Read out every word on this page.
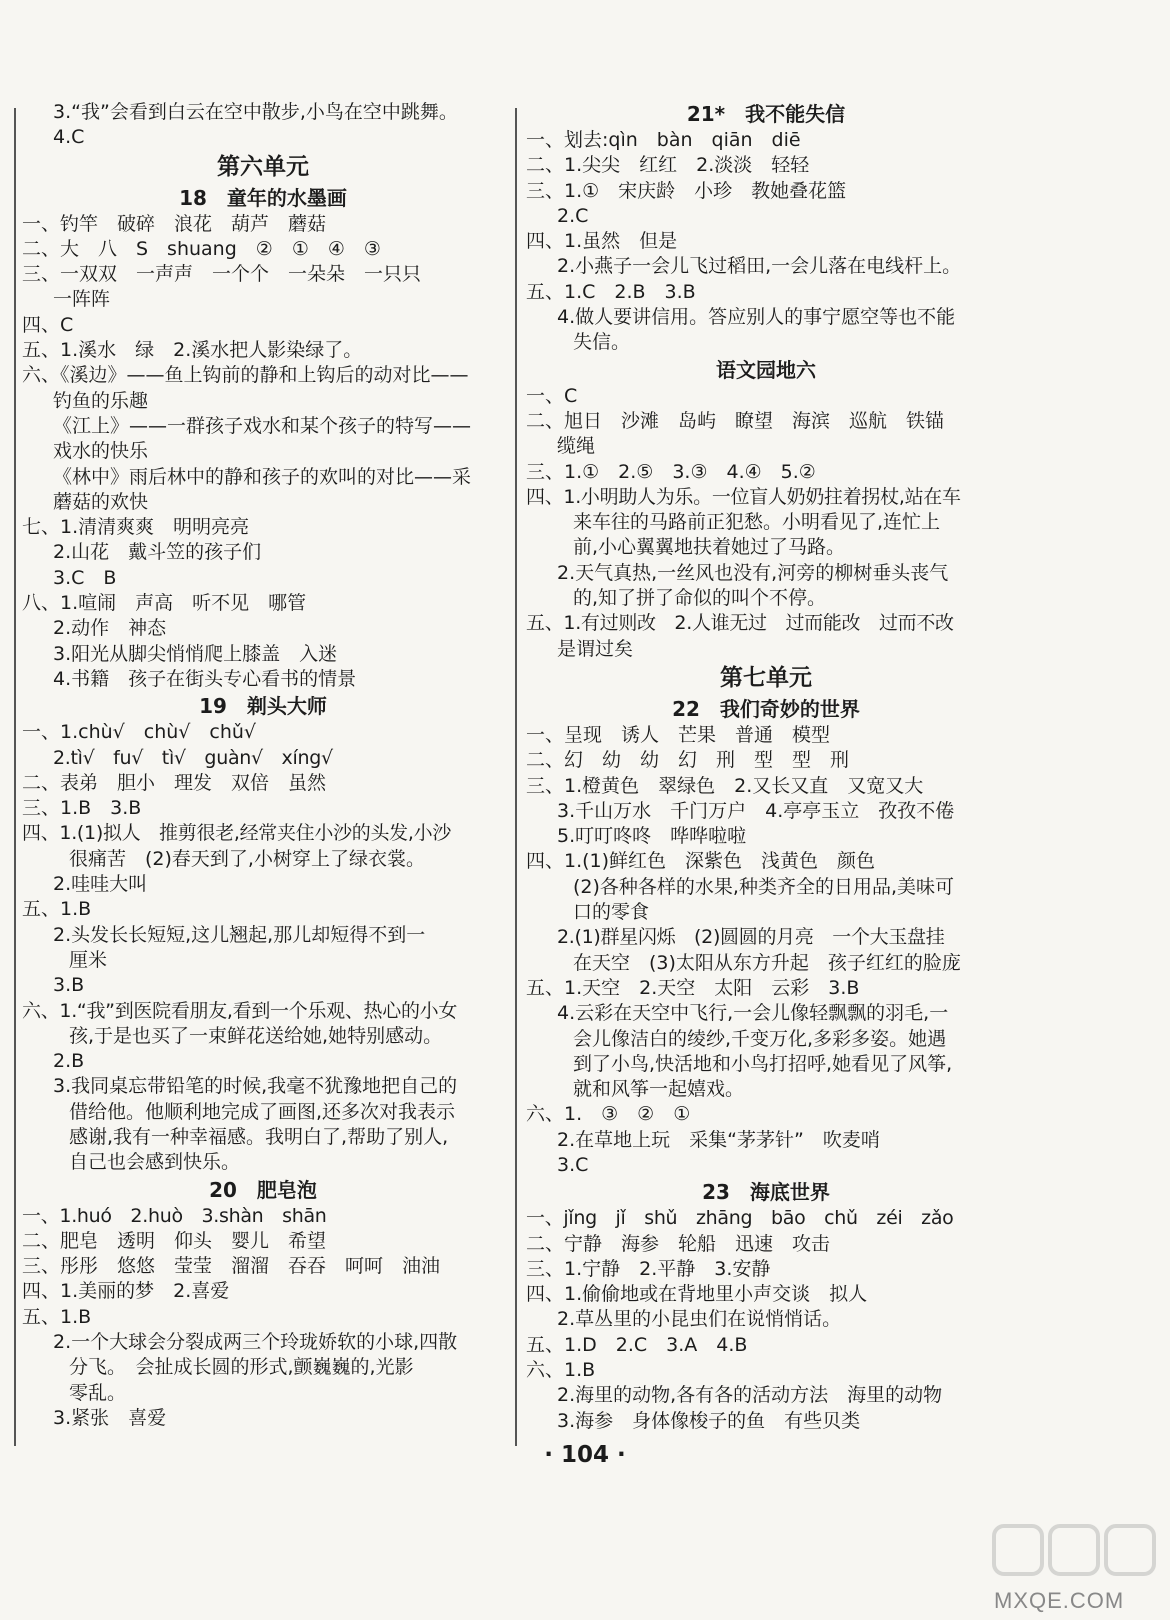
3.“我”会看到白云在空中散步,小鸟在空中跳舞。
4.C
第六单元
18　童年的水墨画
一、钓竿　破碎　浪花　葫芦　蘑菇
二、大　八　S　shuang　②　①　④　③
三、一双双　一声声　一个个　一朵朵　一只只
一阵阵
四、C
五、1.溪水　绿　2.溪水把人影染绿了。
六、《溪边》——鱼上钩前的静和上钩后的动对比——
钓鱼的乐趣
《江上》——一群孩子戏水和某个孩子的特写——
戏水的快乐
《林中》雨后林中的静和孩子的欢叫的对比——采
蘑菇的欢快
七、1.清清爽爽　明明亮亮
2.山花　戴斗笠的孩子们
3.C　B
八、1.喧闹　声高　听不见　哪管
2.动作　神态
3.阳光从脚尖悄悄爬上膝盖　入迷
4.书籍　孩子在街头专心看书的情景
19　剃头大师
一、1.chù√　chù√　chǔ√
2.tì√　fu√　tì√　guàn√　xíng√
二、表弟　胆小　理发　双倍　虽然
三、1.B　3.B
四、1.(1)拟人　推剪很老,经常夹住小沙的头发,小沙
很痛苦　(2)春天到了,小树穿上了绿衣裳。
2.哇哇大叫
五、1.B
2.头发长长短短,这儿翘起,那儿却短得不到一
厘米
3.B
六、1.“我”到医院看朋友,看到一个乐观、热心的小女
孩,于是也买了一束鲜花送给她,她特别感动。
2.B
3.我同桌忘带铅笔的时候,我毫不犹豫地把自己的
借给他。他顺利地完成了画图,还多次对我表示
感谢,我有一种幸福感。我明白了,帮助了别人,
自己也会感到快乐。
20　肥皂泡
一、1.huó　2.huò　3.shàn　shān
二、肥皂　透明　仰头　婴儿　希望
三、彤彤　悠悠　莹莹　溜溜　吞吞　呵呵　油油
四、1.美丽的梦　2.喜爱
五、1.B
2.一个大球会分裂成两三个玲珑娇软的小球,四散
分飞。　会扯成长圆的形式,颤巍巍的,光影
零乱。
3.紧张　喜爱
21*　我不能失信
一、划去:qìn　bàn　qiān　diē
二、1.尖尖　红红　2.淡淡　轻轻
三、1.①　宋庆龄　小珍　教她叠花篮
2.C
四、1.虽然　但是
2.小燕子一会儿飞过稻田,一会儿落在电线杆上。
五、1.C　2.B　3.B
4.做人要讲信用。答应别人的事宁愿空等也不能
失信。
语文园地六
一、C
二、旭日　沙滩　岛屿　瞭望　海滨　巡航　铁锚
缆绳
三、1.①　2.⑤　3.③　4.④　5.②
四、1.小明助人为乐。一位盲人奶奶拄着拐杖,站在车
来车往的马路前正犯愁。小明看见了,连忙上
前,小心翼翼地扶着她过了马路。
2.天气真热,一丝风也没有,河旁的柳树垂头丧气
的,知了拼了命似的叫个不停。
五、1.有过则改　2.人谁无过　过而能改　过而不改
是谓过矣
第七单元
22　我们奇妙的世界
一、呈现　诱人　芒果　普通　模型
二、幻　幼　幼　幻　刑　型　型　刑
三、1.橙黄色　翠绿色　2.又长又直　又宽又大
3.千山万水　千门万户　4.亭亭玉立　孜孜不倦
5.叮叮咚咚　哗哗啦啦
四、1.(1)鲜红色　深紫色　浅黄色　颜色
(2)各种各样的水果,种类齐全的日用品,美味可
口的零食
2.(1)群星闪烁　(2)圆圆的月亮　一个大玉盘挂
在天空　(3)太阳从东方升起　孩子红红的脸庞
五、1.天空　2.天空　太阳　云彩　3.B
4.云彩在天空中飞行,一会儿像轻飘飘的羽毛,一
会儿像洁白的绫纱,千变万化,多彩多姿。她遇
到了小鸟,快活地和小鸟打招呼,她看见了风筝,
就和风筝一起嬉戏。
六、1.　③　②　①
2.在草地上玩　采集“茅茅针”　吹麦哨
3.C
23　海底世界
一、jǐng　jǐ　shǔ　zhāng　bāo　chǔ　zéi　zǎo
二、宁静　海参　轮船　迅速　攻击
三、1.宁静　2.平静　3.安静
四、1.偷偷地或在背地里小声交谈　拟人
2.草丛里的小昆虫们在说悄悄话。
五、1.D　2.C　3.A　4.B
六、1.B
2.海里的动物,各有各的活动方法　海里的动物
3.海参　身体像梭子的鱼　有些贝类
· 104 ·
MXQE.COM
